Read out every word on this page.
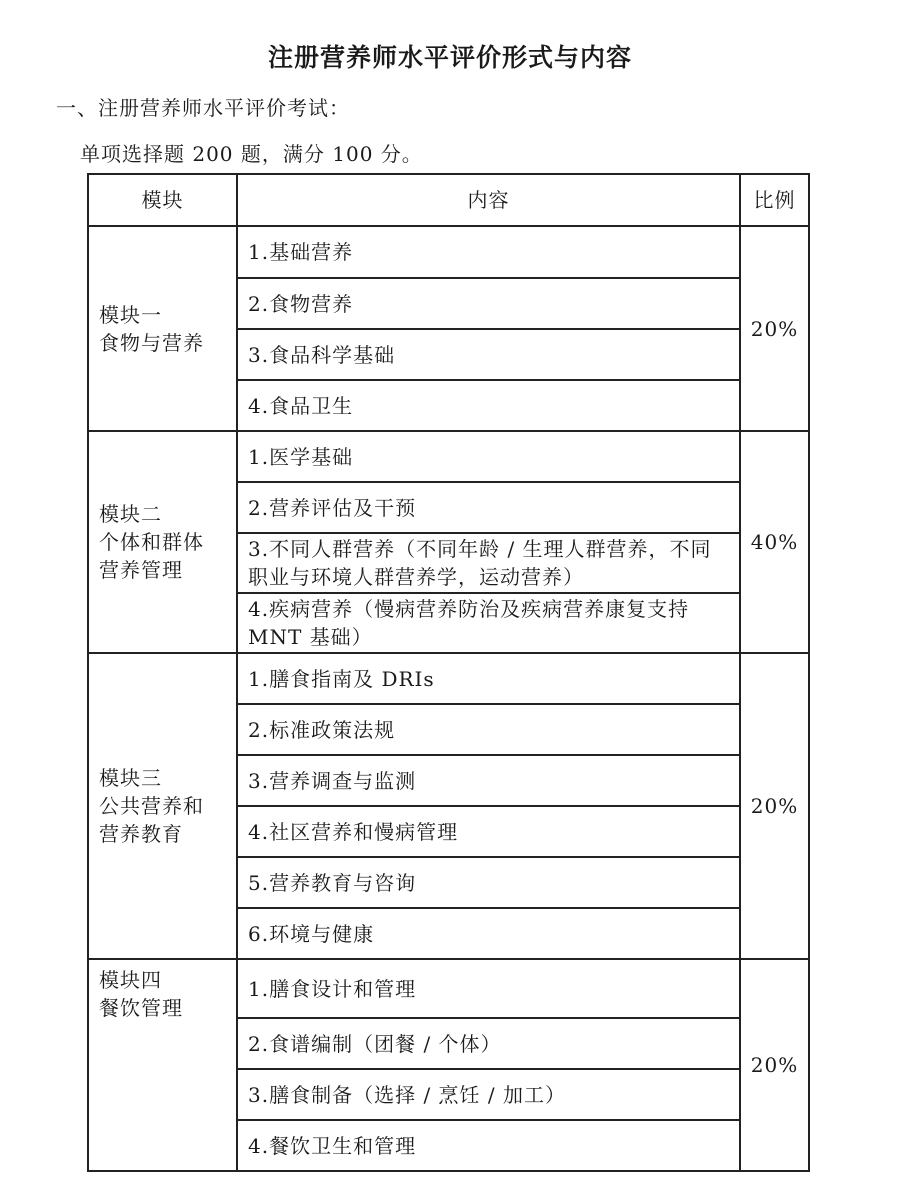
注册营养师水平评价形式与内容
一、注册营养师水平评价考试：
单项选择题 200 题，满分 100 分。
模块	内容	比例

模块一
食物与营养	1.基础营养	20%
	2.食物营养	
	3.食品科学基础	
	4.食品卫生	

模块二
个体和群体
营养管理	1.医学基础	40%
	2.营养评估及干预	
	3.不同人群营养（不同年龄 / 生理人群营养，不同职业与环境人群营养学，运动营养）	
	4.疾病营养（慢病营养防治及疾病营养康复支持 MNT 基础）	

模块三
公共营养和
营养教育	1.膳食指南及 DRIs	20%
	2.标准政策法规	
	3.营养调查与监测	
	4.社区营养和慢病管理	
	5.营养教育与咨询	
	6.环境与健康	

模块四
餐饮管理	1.膳食设计和管理	20%
	2.食谱编制（团餐 / 个体）	
	3.膳食制备（选择 / 烹饪 / 加工）	
	4.餐饮卫生和管理	
